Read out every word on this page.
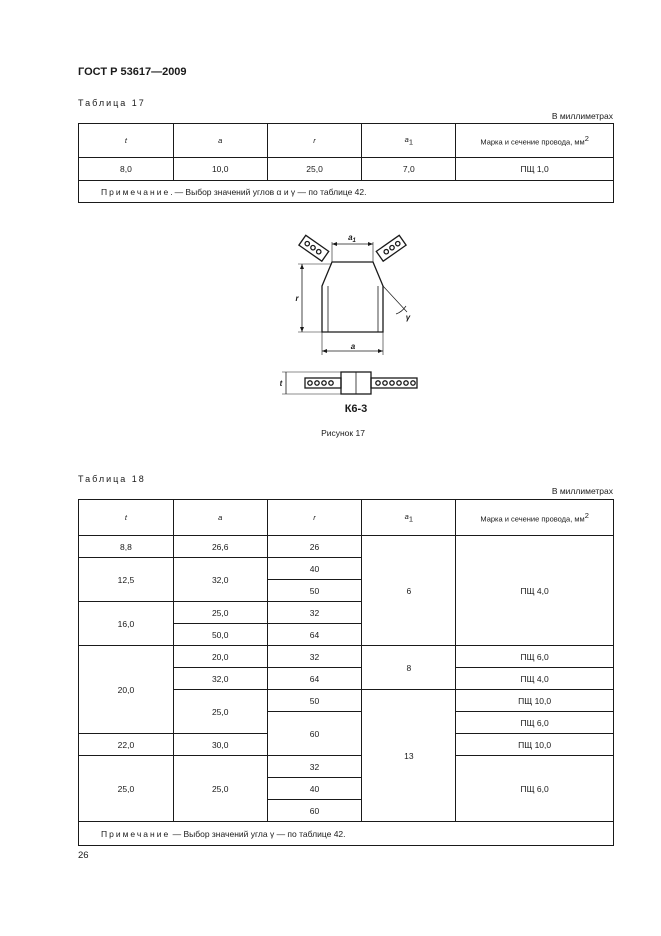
ГОСТ Р 53617—2009
Таблица 17
В миллиметрах
t	a	r	$a_1$	Марка и сечение провода, $мм^2$
8,0	10,0	25,0	7,0	ПЩ 1,0
Примечание.— Выбор значений углов α и γ — по таблице 42.				
$a_1$
r
a
t
γ
К6-3
Рисунок 17
Таблица 18
В миллиметрах
t	a	r	$a_1$	Марка и сечение провода, $мм^2$
8,8	26,6	26	6	ПЩ 4,0
12,5	32,0	40		
		50		
16,0	25,0	32		
	50,0	64		
20,0	20,0	32	8	ПЩ 6,0
	32,0	64		ПЩ 4,0
	25,0	50	13	ПЩ 10,0
		60		ПЩ 6,0
22,0	30,0			ПЩ 10,0
25,0	25,0	32		ПЩ 6,0
		40		
		60		
Примечание — Выбор значений угла γ — по таблице 42.				
26
